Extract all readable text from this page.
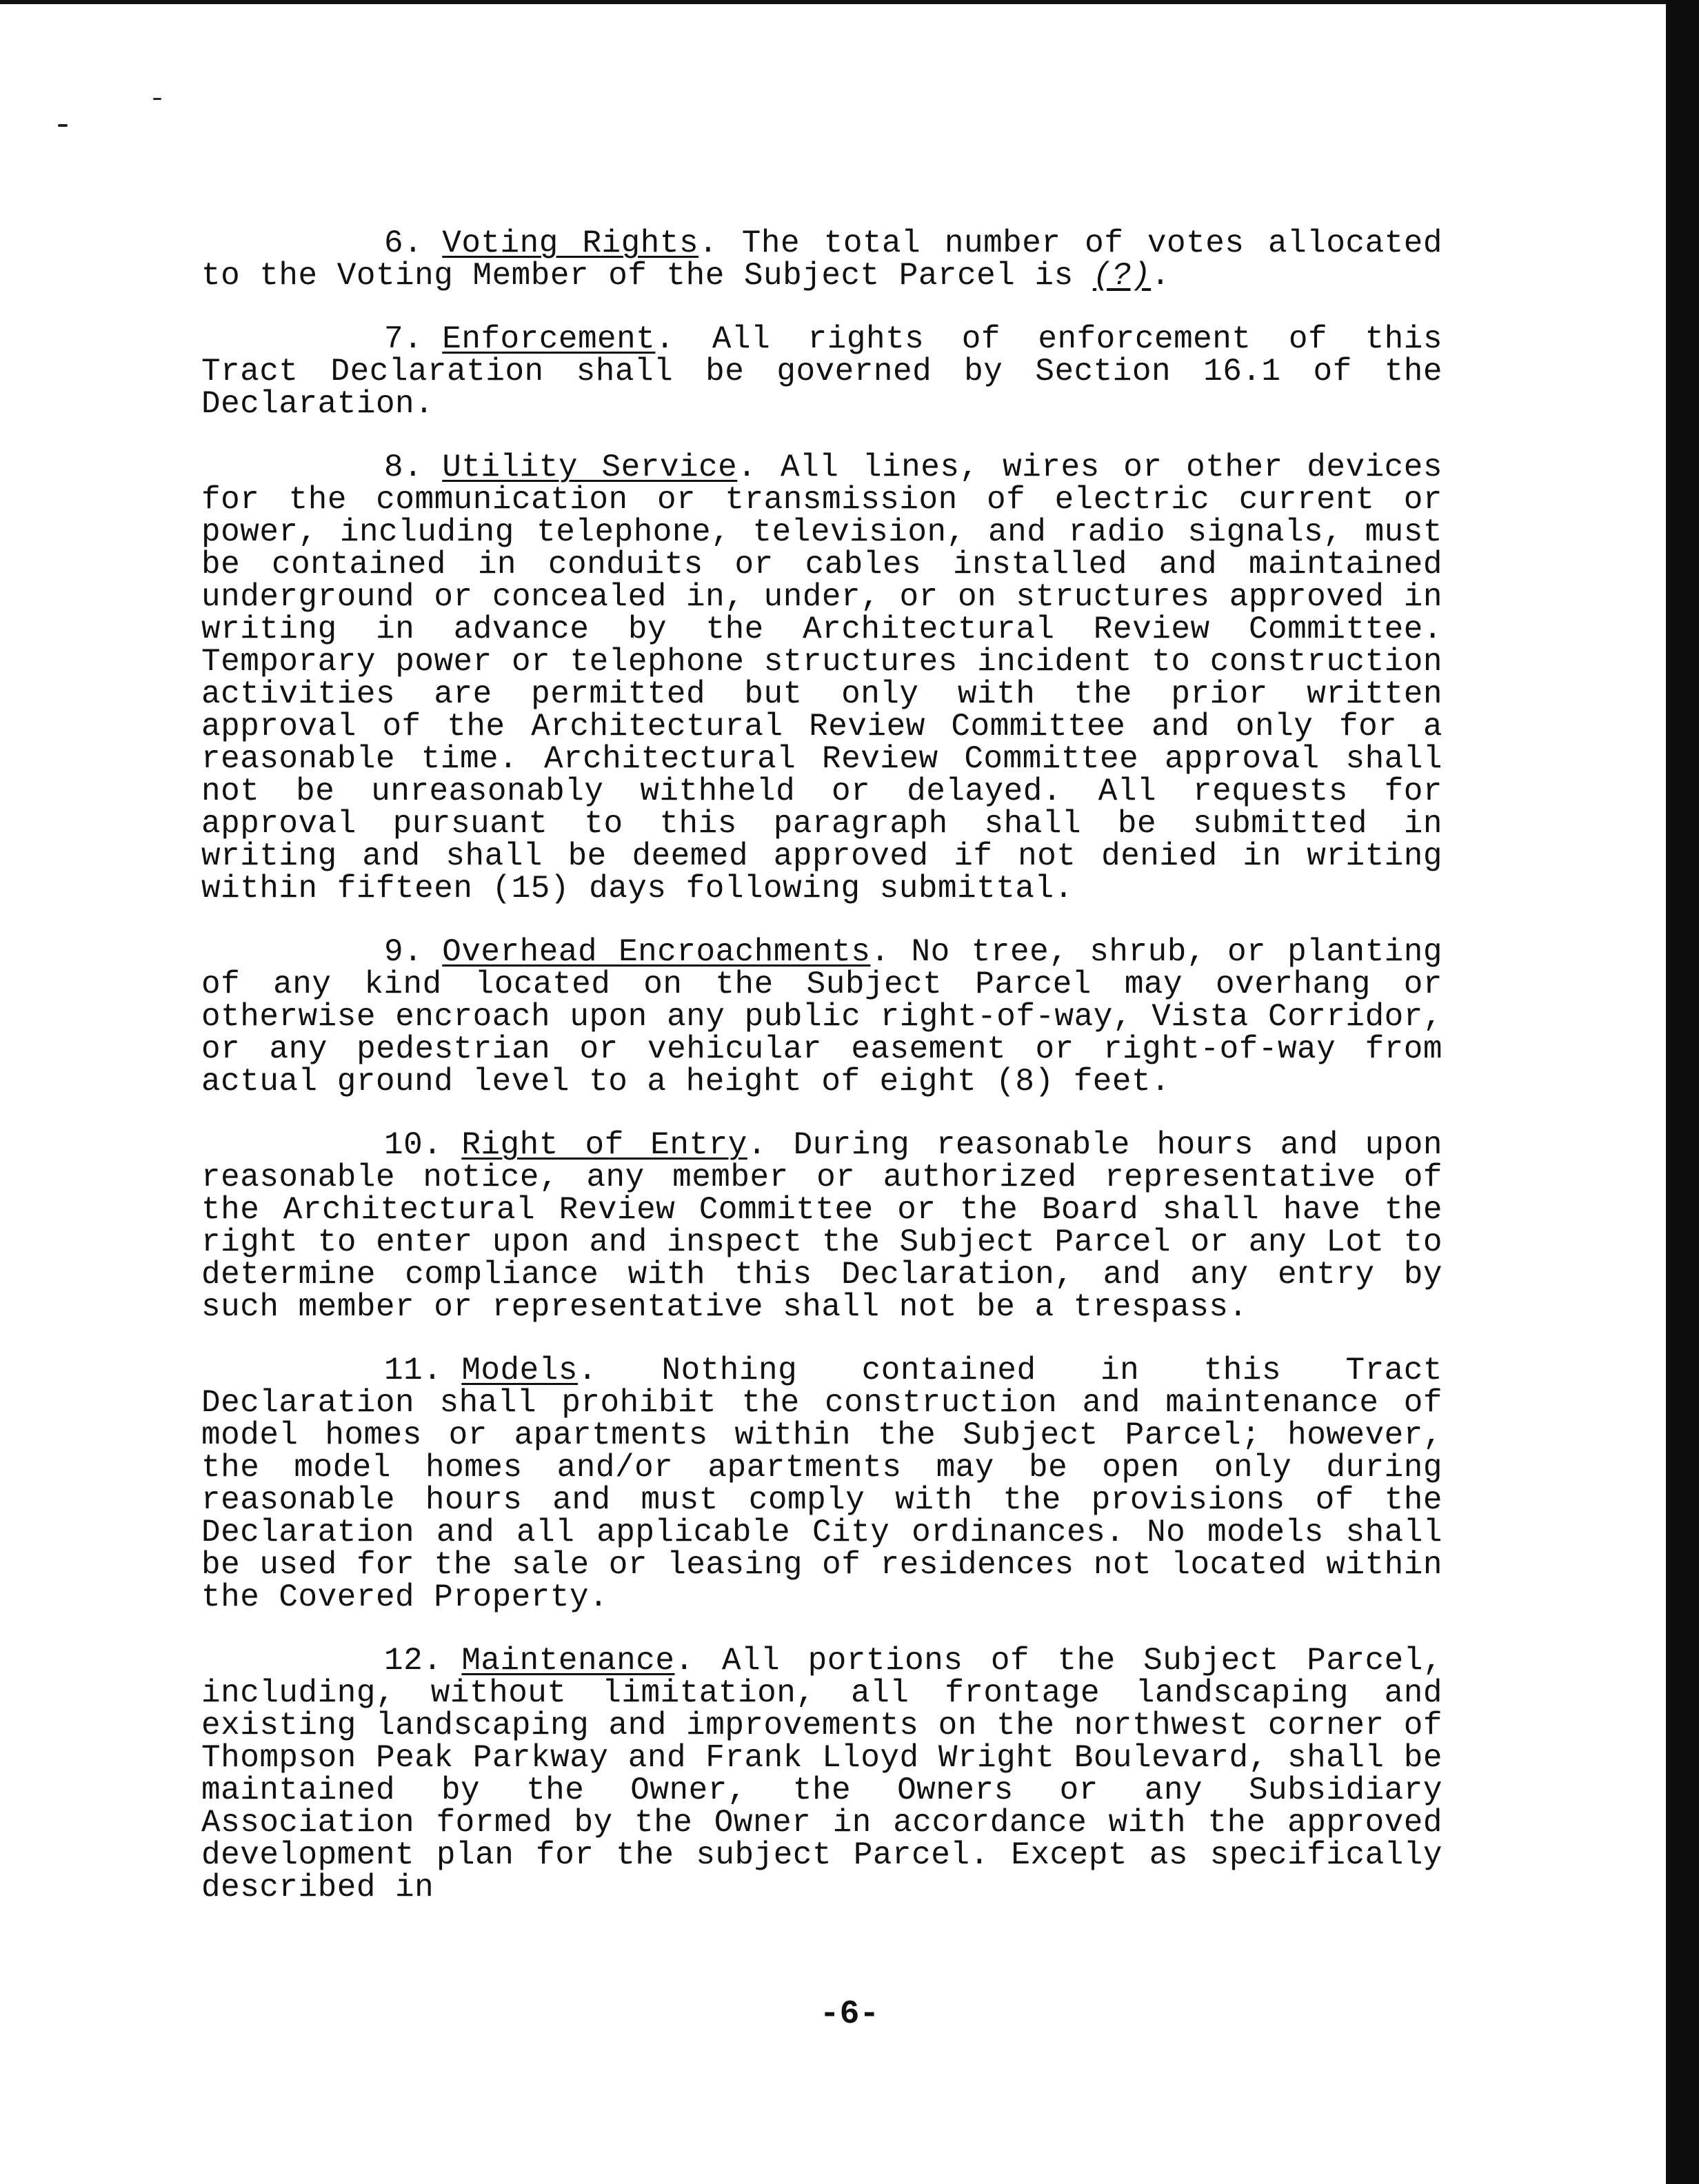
6. Voting Rights. The total number of votes allocated to the Voting Member of the Subject Parcel is (?).

7. Enforcement. All rights of enforcement of this Tract Declaration shall be governed by Section 16.1 of the Declaration.

8. Utility Service. All lines, wires or other devices for the communication or transmission of electric current or power, including telephone, television, and radio signals, must be contained in conduits or cables installed and maintained underground or concealed in, under, or on structures approved in writing in advance by the Architectural Review Committee. Temporary power or telephone structures incident to construction activities are permitted but only with the prior written approval of the Architectural Review Committee and only for a reasonable time. Architectural Review Committee approval shall not be unreasonably withheld or delayed. All requests for approval pursuant to this paragraph shall be submitted in writing and shall be deemed approved if not denied in writing within fifteen (15) days following submittal.

9. Overhead Encroachments. No tree, shrub, or planting of any kind located on the Subject Parcel may overhang or otherwise encroach upon any public right-of-way, Vista Corridor, or any pedestrian or vehicular easement or right-of-way from actual ground level to a height of eight (8) feet.

10. Right of Entry. During reasonable hours and upon reasonable notice, any member or authorized representative of the Architectural Review Committee or the Board shall have the right to enter upon and inspect the Subject Parcel or any Lot to determine compliance with this Declaration, and any entry by such member or representative shall not be a trespass.

11. Models. Nothing contained in this Tract Declaration shall prohibit the construction and maintenance of model homes or apartments within the Subject Parcel; however, the model homes and/or apartments may be open only during reasonable hours and must comply with the provisions of the Declaration and all applicable City ordinances. No models shall be used for the sale or leasing of residences not located within the Covered Property.

12. Maintenance. All portions of the Subject Parcel, including, without limitation, all frontage landscaping and existing landscaping and improvements on the northwest corner of Thompson Peak Parkway and Frank Lloyd Wright Boulevard, shall be maintained by the Owner, the Owners or any Subsidiary Association formed by the Owner in accordance with the approved development plan for the subject Parcel. Except as specifically described in

-6-
